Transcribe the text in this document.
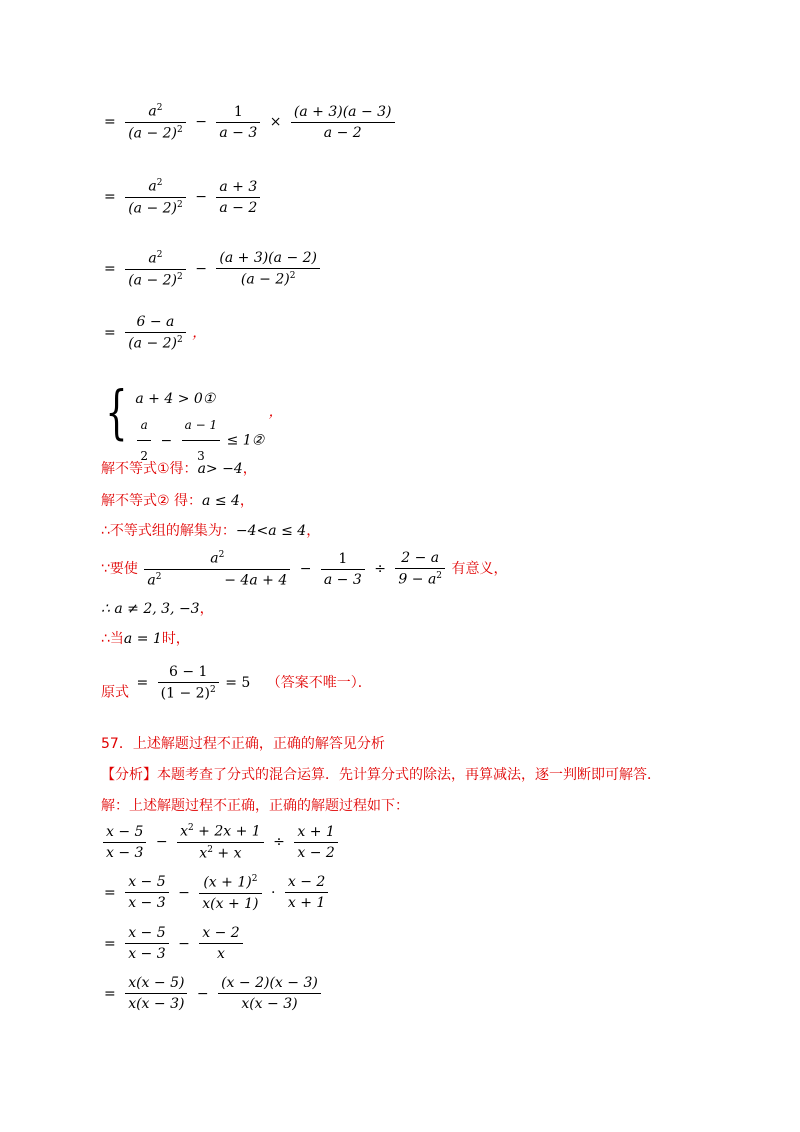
= $\frac{a^2}{(a - 2)^2} - \frac{1}{a - 3} \times \frac{(a + 3)(a - 3)}{a - 2}$
= $\frac{a^2}{(a - 2)^2} - \frac{a + 3}{a - 2}$
= $\frac{a^2}{(a - 2)^2} - \frac{(a + 3)(a - 2)}{(a - 2)^2}$
= $\frac{6 - a}{(a - 2)^2}$ ，
{ a + 4 > 0①
$\frac{a}{2} - \frac{a - 1}{3}$ ≤ 1②
，
解不等式①得：a> −4，
解不等式② 得：a ≤ 4，
∴不等式组的解集为：−4<a ≤ 4，
∵要使 $a^2$
$a^2$	− $4a + 4 - \frac{1}{a - 3} \div \frac{2 - a}{9 - a^2}$ 有意义，
∴ a ≠ 2, 3, −3，
∴当a = 1时，
原式 = $\frac{6 - 1}{(1 - 2)^2} = 5$ （答案不唯一）．
57．上述解题过程不正确，正确的解答见分析
【分析】本题考查了分式的混合运算．先计算分式的除法，再算减法，逐一判断即可解答．
解：上述解题过程不正确，正确的解题过程如下：
$\frac{x - 5}{x - 3} - \frac{x^2 + 2x + 1}{x^2 + x} \div \frac{x + 1}{x - 2}$
= $\frac{x - 5}{x - 3} - \frac{(x + 1)^2}{x(x + 1)} \cdot \frac{x - 2}{x + 1}$
= $\frac{x - 5}{x - 3} - \frac{x - 2}{x}$
= $\frac{x(x - 5)}{x(x - 3)} - \frac{(x - 2)(x - 3)}{x(x - 3)}$
